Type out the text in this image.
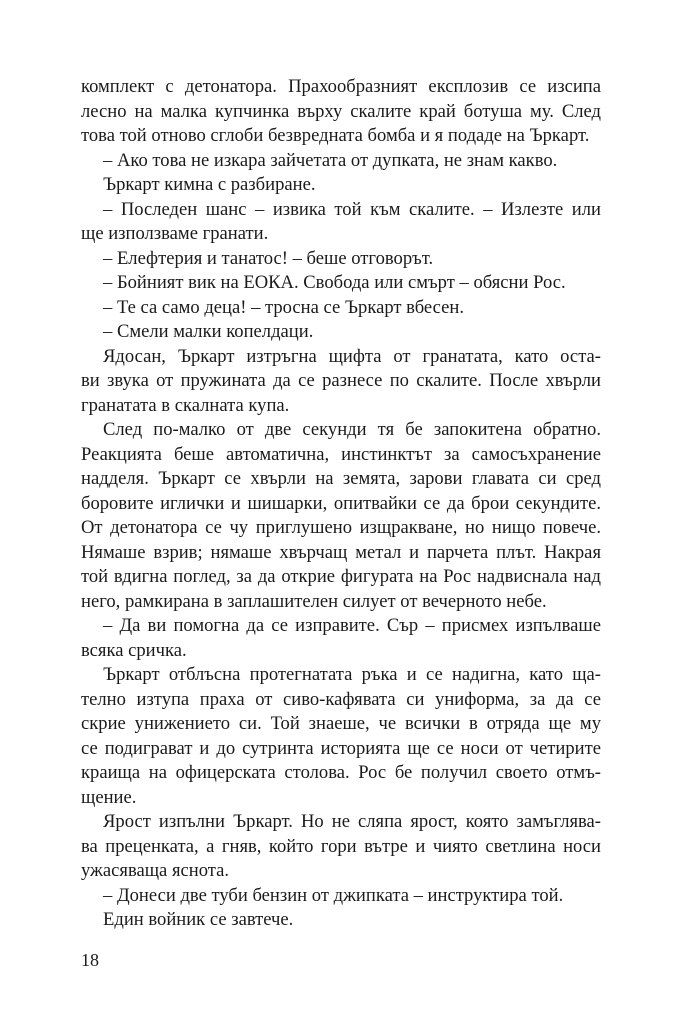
комплект с детонатора. Прахообразният експлозив се изсипа
лесно на малка купчинка върху скалите край ботуша му. След
това той отново сглоби безвредната бомба и я подаде на Ъркарт.
– Ако това не изкара зайчетата от дупката, не знам какво.
Ъркарт кимна с разбиране.
– Последен шанс – извика той към скалите. – Излезте или
ще използваме гранати.
– Елефтерия и танатос! – беше отговорът.
– Бойният вик на ЕОКА. Свобода или смърт – обясни Рос.
– Те са само деца! – тросна се Ъркарт вбесен.
– Смели малки копелдаци.
Ядосан, Ъркарт изтръгна щифта от гранатата, като оста-
ви звука от пружината да се разнесе по скалите. После хвърли
гранатата в скалната купа.
След по-малко от две секунди тя бе запокитена обратно.
Реакцията беше автоматична, инстинктът за самосъхранение
надделя. Ъркарт се хвърли на земята, зарови главата си сред
боровите иглички и шишарки, опитвайки се да брои секундите.
От детонатора се чу приглушено изщракване, но нищо повече.
Нямаше взрив; нямаше хвърчащ метал и парчета плът. Накрая
той вдигна поглед, за да открие фигурата на Рос надвиснала над
него, рамкирана в заплашителен силует от вечерното небе.
– Да ви помогна да се изправите. Сър – присмех изпълваше
всяка сричка.
Ъркарт отблъсна протегнатата ръка и се надигна, като ща-
телно изтупа праха от сиво-кафявата си униформа, за да се
скрие унижението си. Той знаеше, че всички в отряда ще му
се подиграват и до сутринта историята ще се носи от четирите
краища на офицерската столова. Рос бе получил своето отмъ-
щение.
Ярост изпълни Ъркарт. Но не сляпа ярост, която замъглява-
ва преценката, а гняв, който гори вътре и чиято светлина носи
ужасяваща яснота.
– Донеси две туби бензин от джипката – инструктира той.
Един войник се завтече.
18
